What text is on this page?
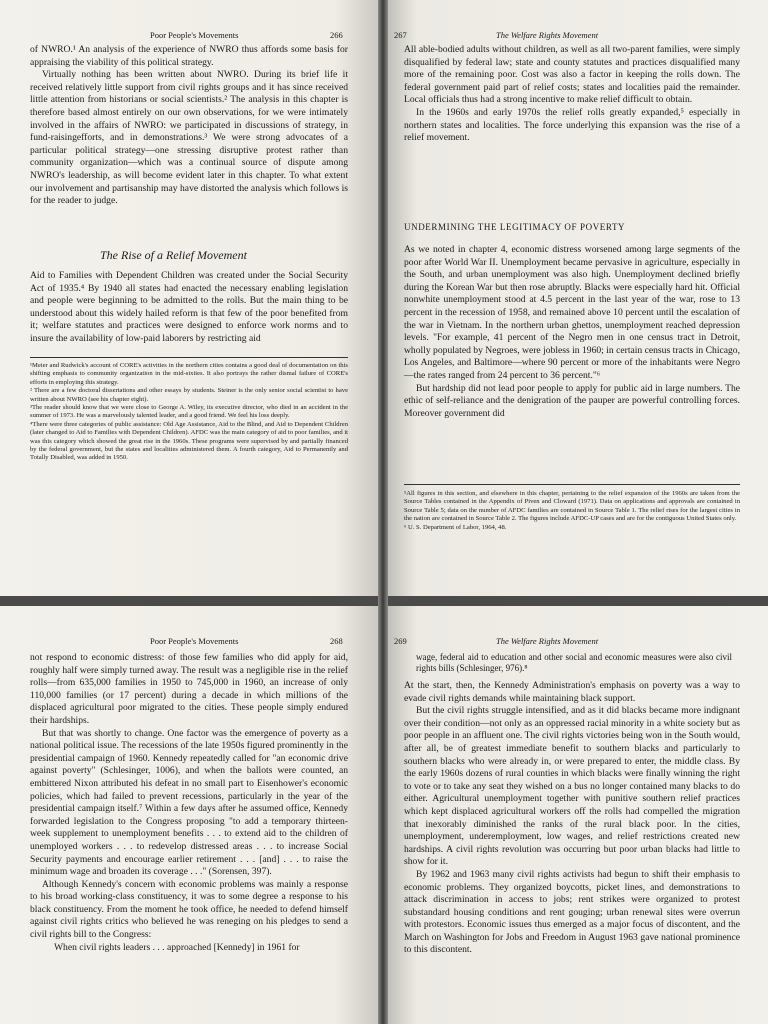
Poor People's Movements	266

of NWRO.¹ An analysis of the experience of NWRO thus affords some basis for appraising the viability of this political strategy.

Virtually nothing has been written about NWRO. During its brief life it received relatively little support from civil rights groups and it has since received little attention from historians or social scientists.² The analysis in this chapter is therefore based almost entirely on our own observations, for we were intimately involved in the affairs of NWRO: we participated in discussions of strategy, in fund-raisingefforts, and in demonstrations.³ We were strong advocates of a particular political strategy—one stressing disruptive protest rather than community organization—which was a continual source of dispute among NWRO's leadership, as will become evident later in this chapter. To what extent our involvement and partisanship may have distorted the analysis which follows is for the reader to judge.

The Rise of a Relief Movement

Aid to Families with Dependent Children was created under the Social Security Act of 1935.⁴ By 1940 all states had enacted the necessary enabling legislation and people were beginning to be admitted to the rolls. But the main thing to be understood about this widely hailed reform is that few of the poor benefited from it; welfare statutes and practices were designed to enforce work norms and to insure the availability of low-paid laborers by restricting aid

¹Meier and Rudwick's account of CORE's activities in the northern cities contains a good deal of documentation on this shifting emphasis to community organization in the mid-sixties. It also portrays the rather dismal failure of CORE's efforts in employing this strategy.

² There are a few doctoral dissertations and other essays by students. Steiner is the only senior social scientist to have written about NWRO (see his chapter eight).

³The reader should know that we were close to George A. Wiley, its executive director, who died in an accident in the summer of 1973. He was a marvelously talented leader, and a good friend. We feel his loss deeply.

⁴There were three categories of public assistance: Old Age Assistance, Aid to the Blind, and Aid to Dependent Children (later changed to Aid to Families with Dependent Children). AFDC was the main category of aid to poor families, and it was this category which showed the great rise in the 1960s. These programs were supervised by and partially financed by the federal government, but the states and localities administered them. A fourth category, Aid to Permanently and Totally Disabled, was added in 1950.

267	The Welfare Rights Movement

All able-bodied adults without children, as well as all two-parent families, were simply disqualified by federal law; state and county statutes and practices disqualified many more of the remaining poor. Cost was also a factor in keeping the rolls down. The federal government paid part of relief costs; states and localities paid the remainder. Local officials thus had a strong incentive to make relief difficult to obtain.

In the 1960s and early 1970s the relief rolls greatly expanded,⁵ especially in northern states and localities. The force underlying this expansion was the rise of a relief movement.

UNDERMINING THE LEGITIMACY OF POVERTY

As we noted in chapter 4, economic distress worsened among large segments of the poor after World War II. Unemployment became pervasive in agriculture, especially in the South, and urban unemployment was also high. Unemployment declined briefly during the Korean War but then rose abruptly. Blacks were especially hard hit. Official nonwhite unemployment stood at 4.5 percent in the last year of the war, rose to 13 percent in the recession of 1958, and remained above 10 percent until the escalation of the war in Vietnam. In the northern urban ghettos, unemployment reached depression levels. "For example, 41 percent of the Negro men in one census tract in Detroit, wholly populated by Negroes, were jobless in 1960; in certain census tracts in Chicago, Los Angeles, and Baltimore—where 90 percent or more of the inhabitants were Negro—the rates ranged from 24 percent to 36 percent."⁶

But hardship did not lead poor people to apply for public aid in large numbers. The ethic of self-reliance and the denigration of the pauper are powerful controlling forces. Moreover government did

⁵All figures in this section, and elsewhere in this chapter, pertaining to the relief expansion of the 1960s are taken from the Source Tables contained in the Appendix of Piven and Cloward (1971). Data on applications and approvals are contained in Source Table 5; data on the number of AFDC families are contained in Source Table 1. The relief rises for the largest cities in the nation are contained in Source Table 2. The figures include AFDC-UP cases and are for the contiguous United States only.

⁶ U. S. Department of Labor, 1964, 48.

Poor People's Movements	268

not respond to economic distress: of those few families who did apply for aid, roughly half were simply turned away. The result was a negligible rise in the relief rolls—from 635,000 families in 1950 to 745,000 in 1960, an increase of only 110,000 families (or 17 percent) during a decade in which millions of the displaced agricultural poor migrated to the cities. These people simply endured their hardships.

But that was shortly to change. One factor was the emergence of poverty as a national political issue. The recessions of the late 1950s figured prominently in the presidential campaign of 1960. Kennedy repeatedly called for "an economic drive against poverty" (Schlesinger, 1006), and when the ballots were counted, an embittered Nixon attributed his defeat in no small part to Eisenhower's economic policies, which had failed to prevent recessions, particularly in the year of the presidential campaign itself.⁷ Within a few days after he assumed office, Kennedy forwarded legislation to the Congress proposing "to add a temporary thirteen-week supplement to unemployment benefits . . . to extend aid to the children of unemployed workers . . . to redevelop distressed areas . . . to increase Social Security payments and encourage earlier retirement . . . [and] . . . to raise the minimum wage and broaden its coverage . . ." (Sorensen, 397).

Although Kennedy's concern with economic problems was mainly a response to his broad working-class constituency, it was to some degree a response to his black constituency. From the moment he took office, he needed to defend himself against civil rights critics who believed he was reneging on his pledges to send a civil rights bill to the Congress:

When civil rights leaders . . . approached [Kennedy] in 1961 for

269	The Welfare Rights Movement
wage, federal aid to education and other social and economic measures were also civil rights bills (Schlesinger, 976).⁸

At the start, then, the Kennedy Administration's emphasis on poverty was a way to evade civil rights demands while maintaining black support.

But the civil rights struggle intensified, and as it did blacks became more indignant over their condition—not only as an oppressed racial minority in a white society but as poor people in an affluent one. The civil rights victories being won in the South would, after all, be of greatest immediate benefit to southern blacks and particularly to southern blacks who were already in, or were prepared to enter, the middle class. By the early 1960s dozens of rural counties in which blacks were finally winning the right to vote or to take any seat they wished on a bus no longer contained many blacks to do either. Agricultural unemployment together with punitive southern relief practices which kept displaced agricultural workers off the rolls had compelled the migration that inexorably diminished the ranks of the rural black poor. In the cities, unemployment, underemployment, low wages, and relief restrictions created new hardships. A civil rights revolution was occurring but poor urban blacks had little to show for it.

By 1962 and 1963 many civil rights activists had begun to shift their emphasis to economic problems. They organized boycotts, picket lines, and demonstrations to attack discrimination in access to jobs; rent strikes were organized to protest substandard housing conditions and rent gouging; urban renewal sites were overrun with protestors. Economic issues thus emerged as a major focus of discontent, and the March on Washington for Jobs and Freedom in August 1963 gave national prominence to this discontent.
